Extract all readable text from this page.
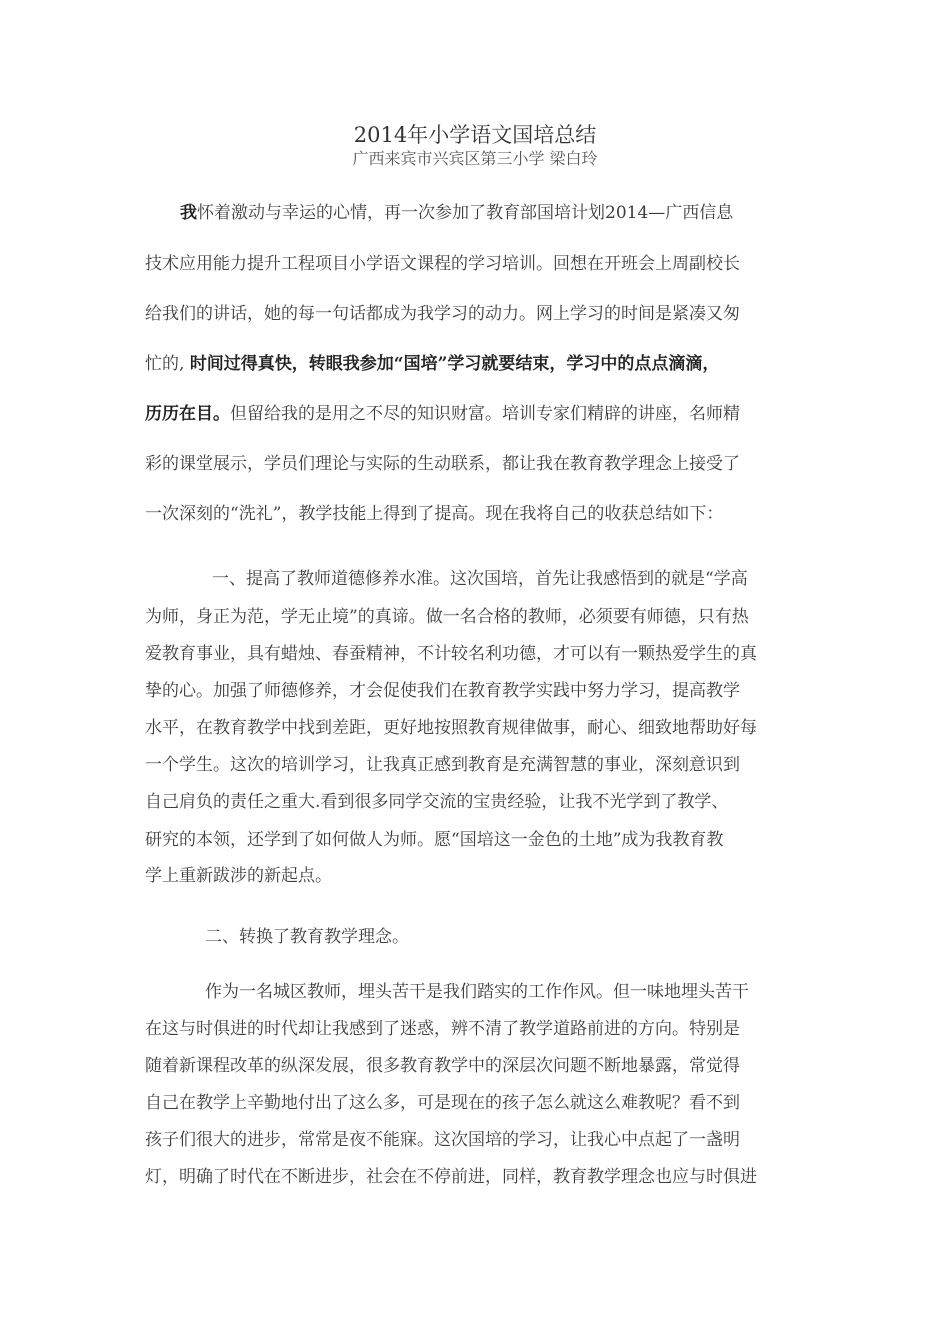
2014年小学语文国培总结
广西来宾市兴宾区第三小学 梁白玲
我怀着激动与幸运的心情，再一次参加了教育部国培计划2014—广西信息
技术应用能力提升工程项目小学语文课程的学习培训。回想在开班会上周副校长
给我们的讲话，她的每一句话都成为我学习的动力。网上学习的时间是紧凑又匆
忙的, 时间过得真快，转眼我参加“国培”学习就要结束，学习中的点点滴滴，
历历在目。但留给我的是用之不尽的知识财富。培训专家们精辟的讲座，名师精
彩的课堂展示，学员们理论与实际的生动联系，都让我在教育教学理念上接受了
一次深刻的“洗礼”，教学技能上得到了提高。现在我将自己的收获总结如下：
一、提高了教师道德修养水准。这次国培，首先让我感悟到的就是“学高
为师，身正为范，学无止境”的真谛。做一名合格的教师，必须要有师德，只有热
爱教育事业，具有蜡烛、春蚕精神，不计较名利功德，才可以有一颗热爱学生的真
挚的心。加强了师德修养，才会促使我们在教育教学实践中努力学习，提高教学
水平，在教育教学中找到差距，更好地按照教育规律做事，耐心、细致地帮助好每
一个学生。这次的培训学习，让我真正感到教育是充满智慧的事业，深刻意识到
自己肩负的责任之重大.看到很多同学交流的宝贵经验，让我不光学到了教学、
研究的本领，还学到了如何做人为师。愿“国培这一金色的土地”成为我教育教
学上重新跋涉的新起点。
二、转换了教育教学理念。
作为一名城区教师，埋头苦干是我们踏实的工作作风。但一味地埋头苦干
在这与时俱进的时代却让我感到了迷惑，辨不清了教学道路前进的方向。特别是
随着新课程改革的纵深发展，很多教育教学中的深层次问题不断地暴露，常觉得
自己在教学上辛勤地付出了这么多，可是现在的孩子怎么就这么难教呢？看不到
孩子们很大的进步，常常是夜不能寐。这次国培的学习，让我心中点起了一盏明
灯，明确了时代在不断进步，社会在不停前进，同样，教育教学理念也应与时俱进
